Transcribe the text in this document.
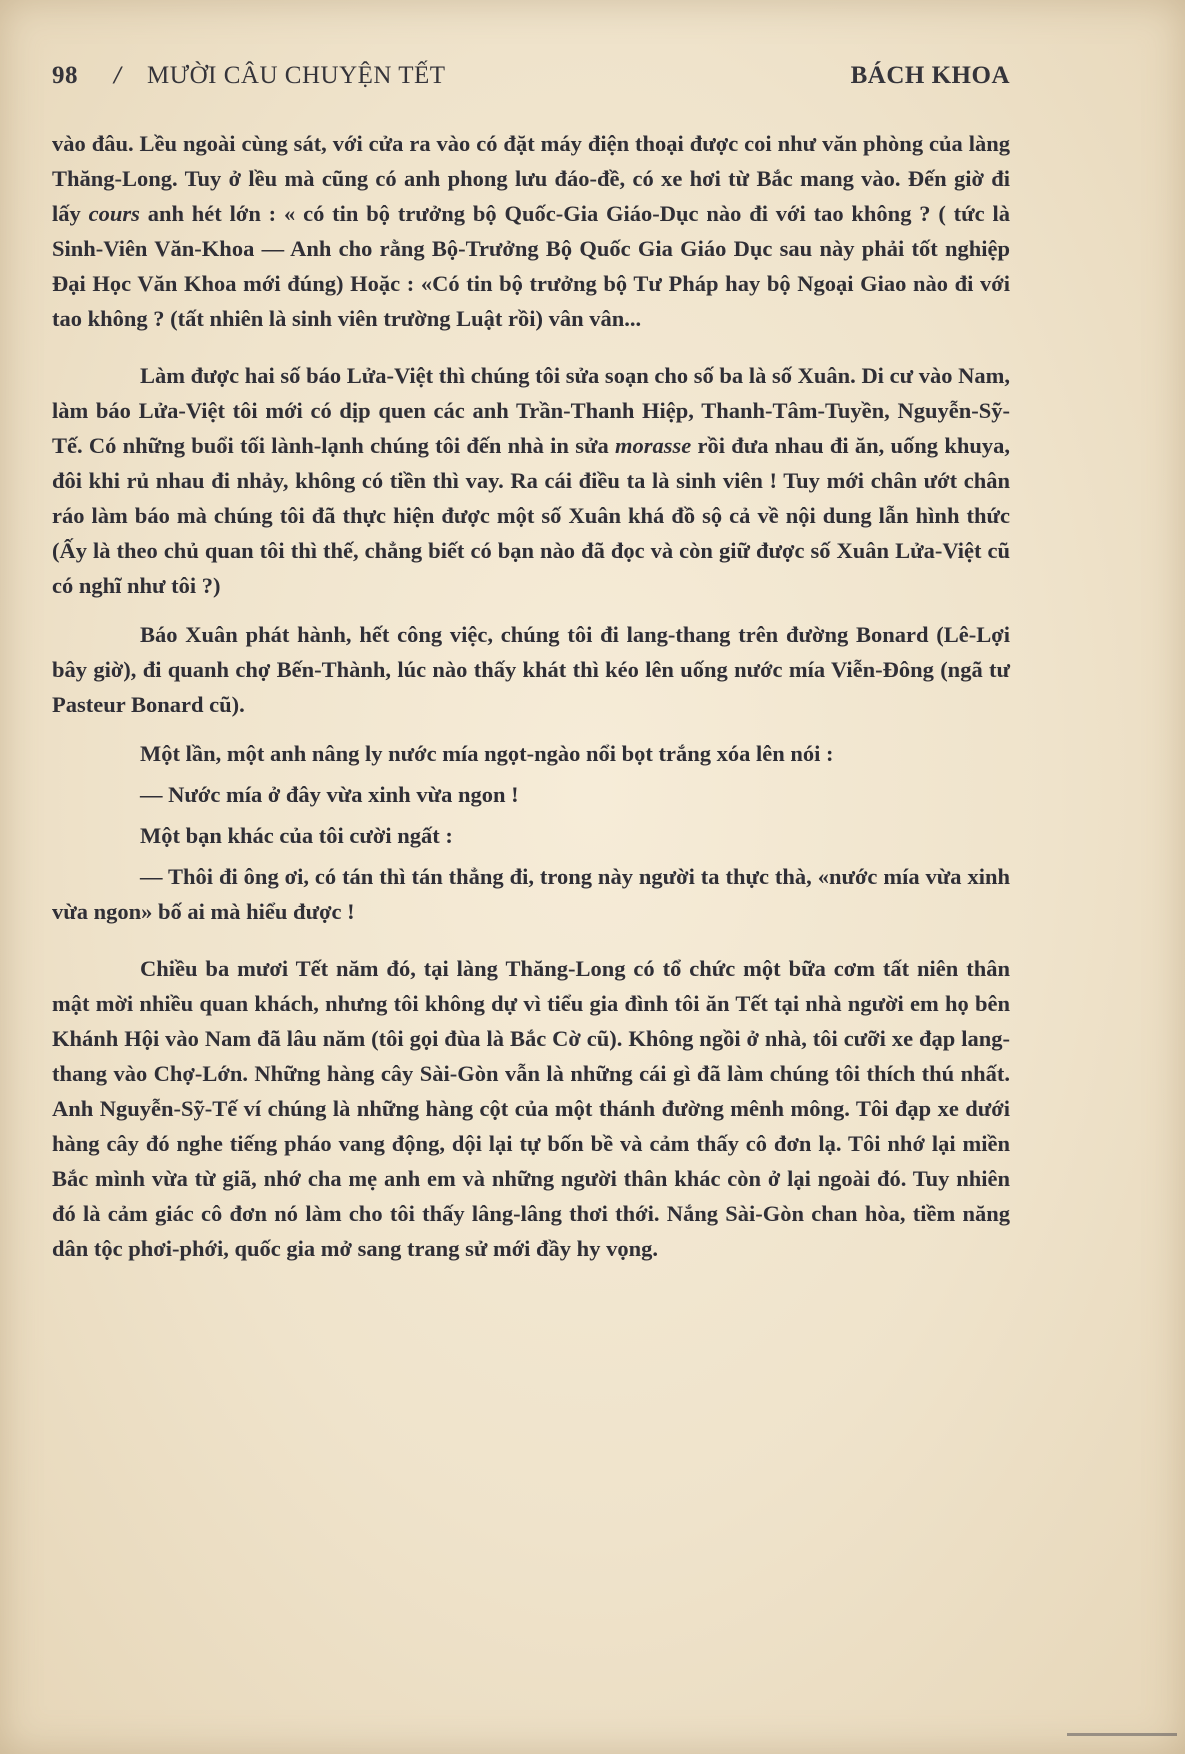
98 / MƯỜI CÂU CHUYỆN TẾT	BÁCH KHOA

vào đâu. Lều ngoài cùng sát, với cửa ra vào có đặt máy điện thoại được coi như văn phòng của làng Thăng-Long. Tuy ở lều mà cũng có anh phong lưu đáo-đề, có xe hơi từ Bắc mang vào. Đến giờ đi lấy cours anh hét lớn : « có tin bộ trưởng bộ Quốc-Gia Giáo-Dục nào đi với tao không ? ( tức là Sinh-Viên Văn-Khoa — Anh cho rằng Bộ-Trưởng Bộ Quốc Gia Giáo Dục sau này phải tốt nghiệp Đại Học Văn Khoa mới đúng) Hoặc : «Có tin bộ trưởng bộ Tư Pháp hay bộ Ngoại Giao nào đi với tao không ? (tất nhiên là sinh viên trường Luật rồi) vân vân...

Làm được hai số báo Lửa-Việt thì chúng tôi sửa soạn cho số ba là số Xuân. Di cư vào Nam, làm báo Lửa-Việt tôi mới có dịp quen các anh Trần-Thanh Hiệp, Thanh-Tâm-Tuyền, Nguyễn-Sỹ-Tế. Có những buổi tối lành-lạnh chúng tôi đến nhà in sửa morasse rồi đưa nhau đi ăn, uống khuya, đôi khi rủ nhau đi nhảy, không có tiền thì vay. Ra cái điều ta là sinh viên ! Tuy mới chân ướt chân ráo làm báo mà chúng tôi đã thực hiện được một số Xuân khá đồ sộ cả về nội dung lẫn hình thức (Ấy là theo chủ quan tôi thì thế, chẳng biết có bạn nào đã đọc và còn giữ được số Xuân Lửa-Việt cũ có nghĩ như tôi ?)

Báo Xuân phát hành, hết công việc, chúng tôi đi lang-thang trên đường Bonard (Lê-Lợi bây giờ), đi quanh chợ Bến-Thành, lúc nào thấy khát thì kéo lên uống nước mía Viễn-Đông (ngã tư Pasteur Bonard cũ).

Một lần, một anh nâng ly nước mía ngọt-ngào nổi bọt trắng xóa lên nói :

— Nước mía ở đây vừa xinh vừa ngon !

Một bạn khác của tôi cười ngất :

— Thôi đi ông ơi, có tán thì tán thẳng đi, trong này người ta thực thà, «nước mía vừa xinh vừa ngon» bố ai mà hiểu được !

Chiều ba mươi Tết năm đó, tại làng Thăng-Long có tổ chức một bữa cơm tất niên thân mật mời nhiều quan khách, nhưng tôi không dự vì tiểu gia đình tôi ăn Tết tại nhà người em họ bên Khánh Hội vào Nam đã lâu năm (tôi gọi đùa là Bắc Cờ cũ). Không ngồi ở nhà, tôi cưỡi xe đạp lang-thang vào Chợ-Lớn. Những hàng cây Sài-Gòn vẫn là những cái gì đã làm chúng tôi thích thú nhất. Anh Nguyễn-Sỹ-Tế ví chúng là những hàng cột của một thánh đường mênh mông. Tôi đạp xe dưới hàng cây đó nghe tiếng pháo vang động, dội lại tự bốn bề và cảm thấy cô đơn lạ. Tôi nhớ lại miền Bắc mình vừa từ giã, nhớ cha mẹ anh em và những người thân khác còn ở lại ngoài đó. Tuy nhiên đó là cảm giác cô đơn nó làm cho tôi thấy lâng-lâng thơi thới. Nắng Sài-Gòn chan hòa, tiềm năng dân tộc phơi-phới, quốc gia mở sang trang sử mới đầy hy vọng.
